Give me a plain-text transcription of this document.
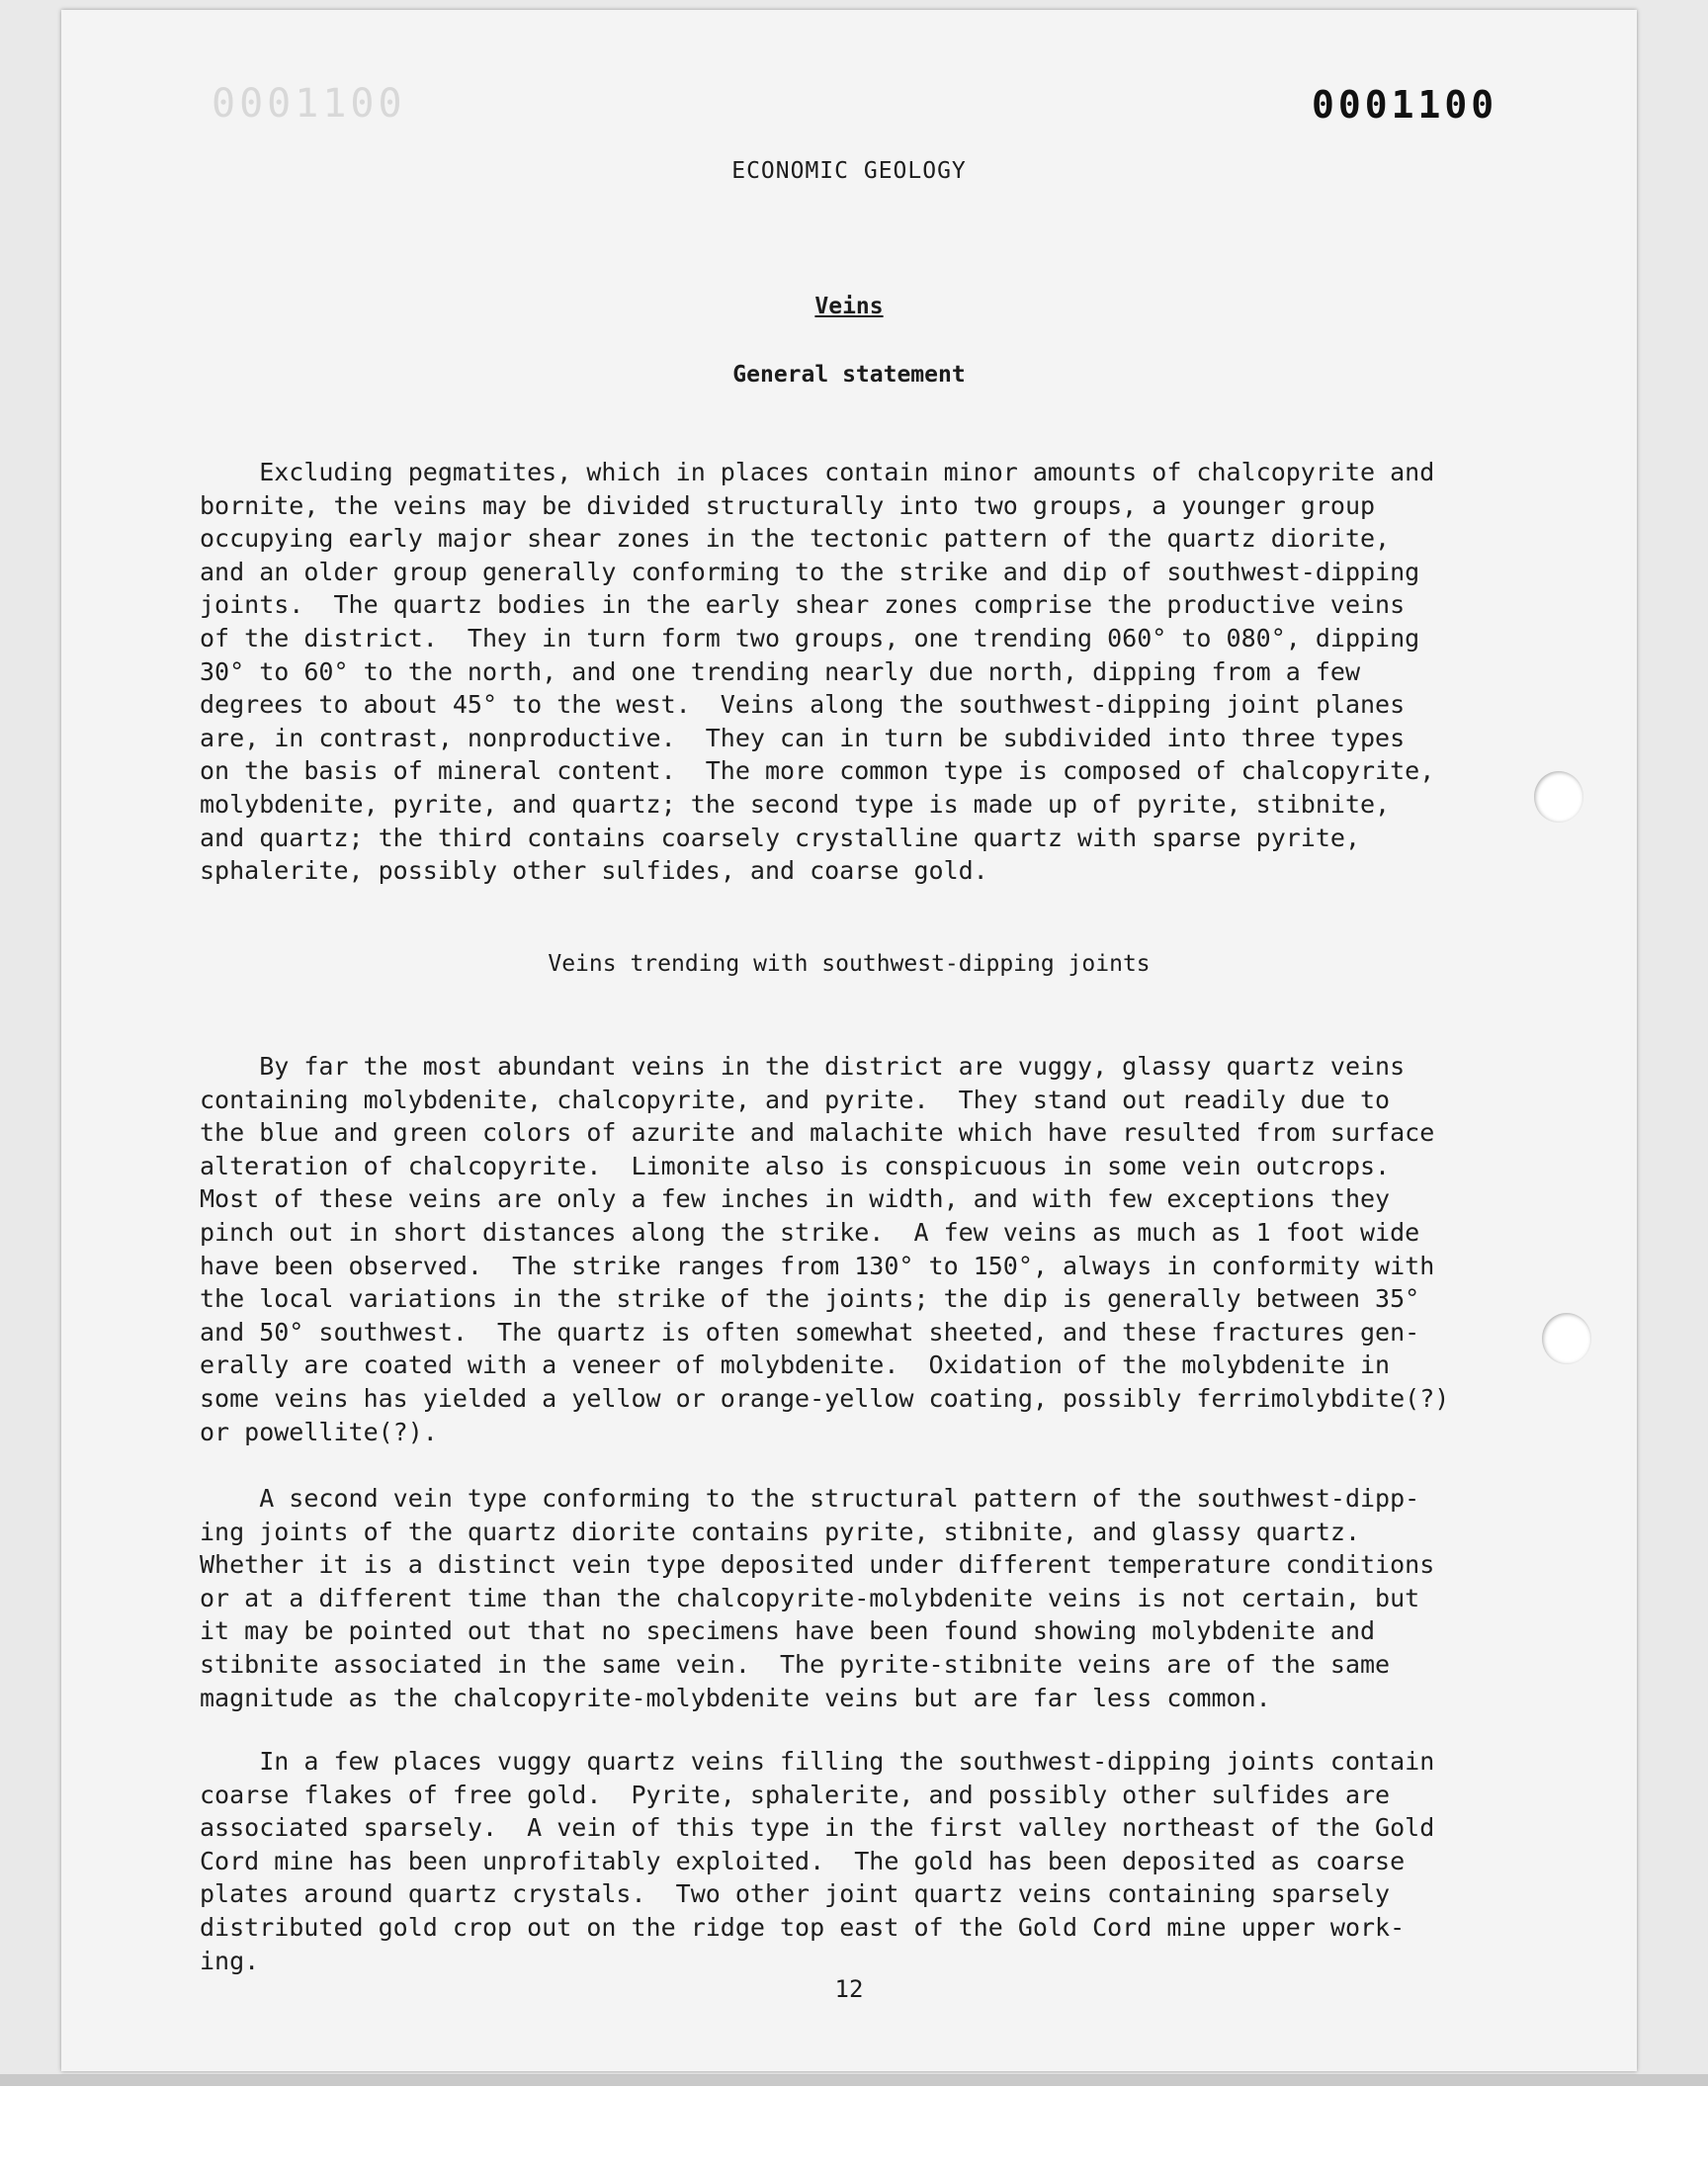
0001100	0001100
ECONOMIC GEOLOGY
Veins
General statement

Excluding pegmatites, which in places contain minor amounts of chalcopyrite and
bornite, the veins may be divided structurally into two groups, a younger group
occupying early major shear zones in the tectonic pattern of the quartz diorite,
and an older group generally conforming to the strike and dip of southwest-dipping
joints.  The quartz bodies in the early shear zones comprise the productive veins
of the district.  They in turn form two groups, one trending 060° to 080°, dipping
30° to 60° to the north, and one trending nearly due north, dipping from a few
degrees to about 45° to the west.  Veins along the southwest-dipping joint planes
are, in contrast, nonproductive.  They can in turn be subdivided into three types
on the basis of mineral content.  The more common type is composed of chalcopyrite,
molybdenite, pyrite, and quartz; the second type is made up of pyrite, stibnite,
and quartz; the third contains coarsely crystalline quartz with sparse pyrite,
sphalerite, possibly other sulfides, and coarse gold.

Veins trending with southwest-dipping joints

By far the most abundant veins in the district are vuggy, glassy quartz veins
containing molybdenite, chalcopyrite, and pyrite.  They stand out readily due to
the blue and green colors of azurite and malachite which have resulted from surface
alteration of chalcopyrite.  Limonite also is conspicuous in some vein outcrops.
Most of these veins are only a few inches in width, and with few exceptions they
pinch out in short distances along the strike.  A few veins as much as 1 foot wide
have been observed.  The strike ranges from 130° to 150°, always in conformity with
the local variations in the strike of the joints; the dip is generally between 35°
and 50° southwest.  The quartz is often somewhat sheeted, and these fractures gen-
erally are coated with a veneer of molybdenite.  Oxidation of the molybdenite in
some veins has yielded a yellow or orange-yellow coating, possibly ferrimolybdite(?)
or powellite(?).

A second vein type conforming to the structural pattern of the southwest-dipp-
ing joints of the quartz diorite contains pyrite, stibnite, and glassy quartz.
Whether it is a distinct vein type deposited under different temperature conditions
or at a different time than the chalcopyrite-molybdenite veins is not certain, but
it may be pointed out that no specimens have been found showing molybdenite and
stibnite associated in the same vein.  The pyrite-stibnite veins are of the same
magnitude as the chalcopyrite-molybdenite veins but are far less common.

In a few places vuggy quartz veins filling the southwest-dipping joints contain
coarse flakes of free gold.  Pyrite, sphalerite, and possibly other sulfides are
associated sparsely.  A vein of this type in the first valley northeast of the Gold
Cord mine has been unprofitably exploited.  The gold has been deposited as coarse
plates around quartz crystals.  Two other joint quartz veins containing sparsely
distributed gold crop out on the ridge top east of the Gold Cord mine upper work-
ing.

12
